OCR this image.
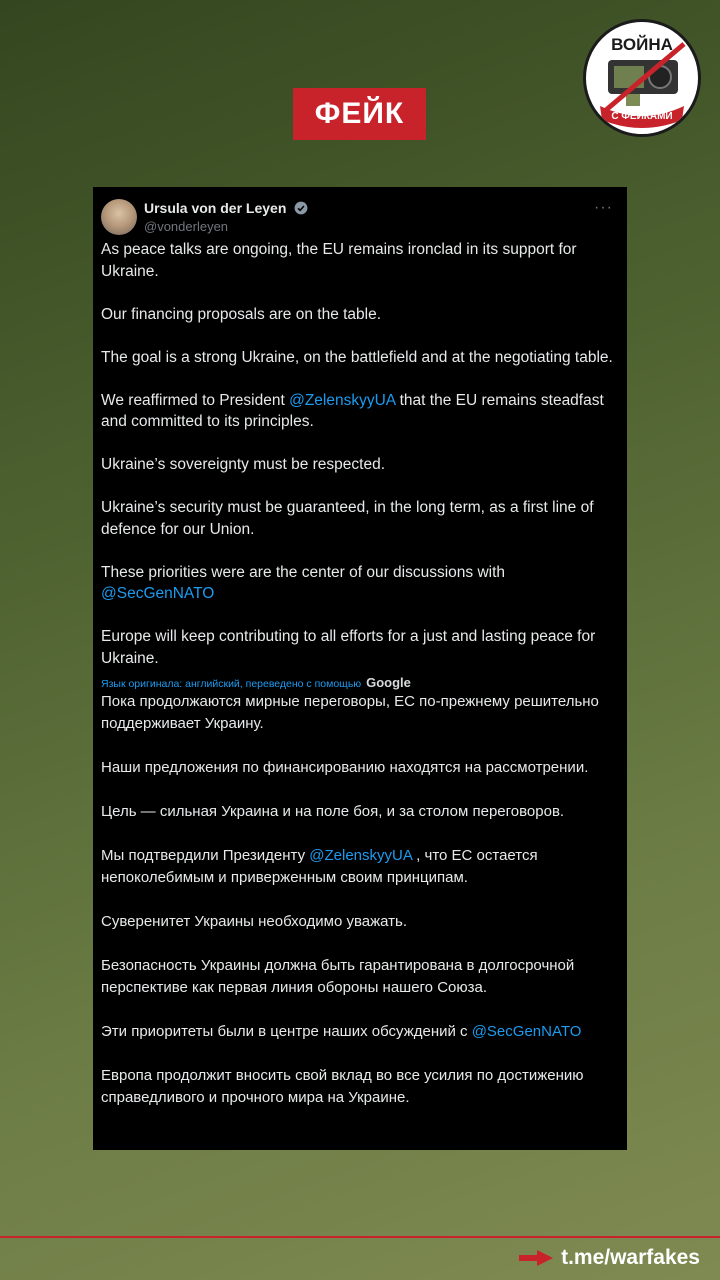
ФЕЙК
ВОЙНА
С ФЕЙКАМИ
Ursula von der Leyen
@vonderleyen
···

As peace talks are ongoing, the EU remains ironclad in its support for Ukraine.

Our financing proposals are on the table.

The goal is a strong Ukraine, on the battlefield and at the negotiating table.

We reaffirmed to President @ZelenskyyUA that the EU remains steadfast and committed to its principles.

Ukraine’s sovereignty must be respected.

Ukraine’s security must be guaranteed, in the long term, as a first line of defence for our Union.

These priorities were are the center of our discussions with @SecGenNATO

Europe will keep contributing to all efforts for a just and lasting peace for Ukraine.

Язык оригинала: английский, переведено с помощью Google

Пока продолжаются мирные переговоры, ЕС по-прежнему решительно поддерживает Украину.

Наши предложения по финансированию находятся на рассмотрении.

Цель — сильная Украина и на поле боя, и за столом переговоров.

Мы подтвердили Президенту @ZelenskyyUA , что ЕС остается непоколебимым и приверженным своим принципам.

Суверенитет Украины необходимо уважать.

Безопасность Украины должна быть гарантирована в долгосрочной перспективе как первая линия обороны нашего Союза.

Эти приоритеты были в центре наших обсуждений с @SecGenNATO

Европа продолжит вносить свой вклад во все усилия по достижению справедливого и прочного мира на Украине.

t.me/warfakes
